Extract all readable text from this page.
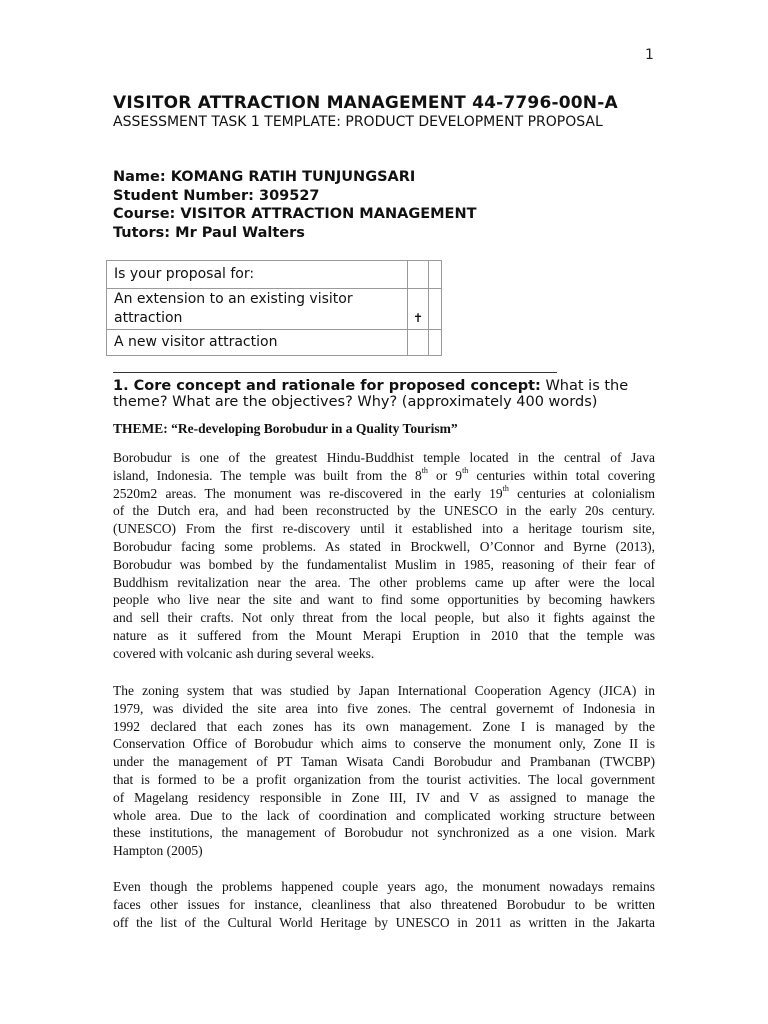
1
VISITOR ATTRACTION MANAGEMENT 44-7796-00N-A
ASSESSMENT TASK 1 TEMPLATE: PRODUCT DEVELOPMENT PROPOSAL
Name: KOMANG RATIH TUNJUNGSARI
Student Number: 309527
Course: VISITOR ATTRACTION MANAGEMENT
Tutors: Mr Paul Walters
Is your proposal for:		
An extension to an existing visitor attraction	✝	
A new visitor attraction		
1. Core concept and rationale for proposed concept: What is the theme? What are the objectives? Why? (approximately 400 words)
THEME: “Re-developing Borobudur in a Quality Tourism”
Borobudur is one of the greatest Hindu-Buddhist temple located in the central of Java
island, Indonesia. The temple was built from the 8th or 9th centuries within total covering
2520m2 areas. The monument was re-discovered in the early 19th centuries at colonialism
of the Dutch era, and had been reconstructed by the UNESCO in the early 20s century.
(UNESCO) From the first re-discovery until it established into a heritage tourism site,
Borobudur facing some problems. As stated in Brockwell, O’Connor and Byrne (2013),
Borobudur was bombed by the fundamentalist Muslim in 1985, reasoning of their fear of
Buddhism revitalization near the area. The other problems came up after were the local
people who live near the site and want to find some opportunities by becoming hawkers
and sell their crafts. Not only threat from the local people, but also it fights against the
nature as it suffered from the Mount Merapi Eruption in 2010 that the temple was
covered with volcanic ash during several weeks.
The zoning system that was studied by Japan International Cooperation Agency (JICA) in
1979, was divided the site area into five zones. The central governemt of Indonesia in
1992 declared that each zones has its own management. Zone I is managed by the
Conservation Office of Borobudur which aims to conserve the monument only, Zone II is
under the management of PT Taman Wisata Candi Borobudur and Prambanan (TWCBP)
that is formed to be a profit organization from the tourist activities. The local government
of Magelang residency responsible in Zone III, IV and V as assigned to manage the
whole area. Due to the lack of coordination and complicated working structure between
these institutions, the management of Borobudur not synchronized as a one vision. Mark
Hampton (2005)
Even though the problems happened couple years ago, the monument nowadays remains
faces other issues for instance, cleanliness that also threatened Borobudur to be written
off the list of the Cultural World Heritage by UNESCO in 2011 as written in the Jakarta
